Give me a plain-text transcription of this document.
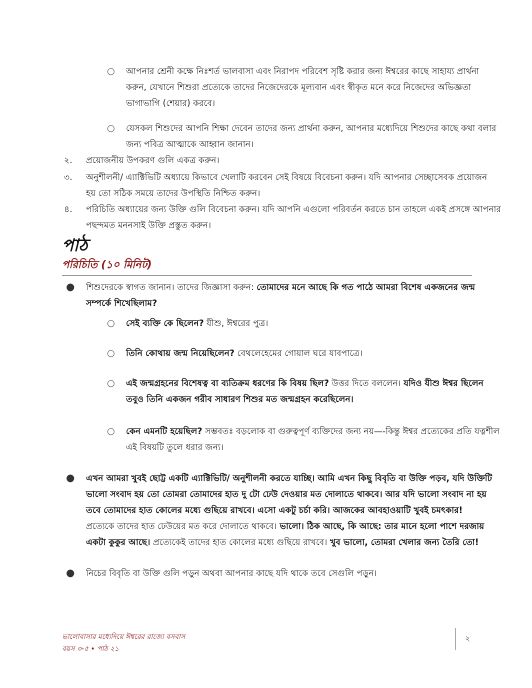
○ আপনার শ্রেনী কক্ষে নিঃশর্ত ভালবাসা এবং নিরাপদ পরিবেশ সৃষ্টি করার জন্য ঈশ্বরের কাছে সাহায্য প্রার্থনা
করুন, যেখানে শিশুরা প্রত্যেকে তাদের নিজেদেরকে মূল্যবান এবং স্বীকৃত মনে করে নিজেদের অভিজ্ঞতা
ভাগাভাগি (শেয়ার) করবে।
○ যেসকল শিশুদের আপনি শিক্ষা দেবেন তাদের জন্য প্রার্থনা করুন, আপনার মধ্যেদিয়ে শিশুদের কাছে কথা বলার
জন্য পবিত্র আত্মাকে আহ্বান জানান।
২. প্রয়োজনীয় উপকরণ গুলি একত্র করুন।
৩. অনুশীলনী/ এ্যাক্টিভিটি অধ্যায়ে কিভাবে খেলাটি করবেন সেই বিষয়ে বিবেচনা করুন। যদি আপনার সেচ্ছাসেবক প্রয়োজন
হয় তো সঠিক সময়ে তাদের উপস্থিতি নিশ্চিত করুন।
৪. পরিচিতি অধ্যায়ের জন্য উক্তি গুলি বিবেচনা করুন। যদি আপনি এগুলো পরিবর্তন করতে চান তাহলে একই প্রসঙ্গে আপনার
পছন্দমত মননসাই উক্তি প্রস্তুত করুন।
পাঠ
পরিচিতি (১০ মিনিট)
● শিশুদেরকে স্বাগত জানান। তাদের জিজ্ঞাসা করুন: তোমাদের মনে আছে কি গত পাঠে আমরা বিশেষ একজনের জন্ম
সম্পর্কে শিখেছিলাম?
○ সেই ব্যক্তি কে ছিলেন? যীশু, ঈশ্বরের পুত্র।
○ তিনি কোথায় জন্ম নিয়েছিলেন? বেথলেহেমের গোয়াল ঘরে যাবপাত্রে।
○ এই জন্মগ্রহনের বিশেষত্ব বা ব্যতিক্রম ধরণের কি বিষয় ছিল? উত্তর দিতে বললেন। যদিও যীশু ঈশ্বর ছিলেন
তবুও তিনি একজন গরীব সাধারণ শিশুর মত জন্মগ্রহন করেছিলেন।
○ কেন এমনটি হয়েছিল? সম্ভবতঃ বড়লোক বা গুরুত্বপূর্ণ ব্যক্তিদের জন্য নয়—-কিন্তু ঈশ্বর প্রত্যেকের প্রতি যত্নশীল
এই বিষয়টি তুলে ধরার জন্য।
● এখন আমরা খুবই ছোট্ট একটি এ্যাক্টিভিটি/ অনুশীলনী করতে যাচ্ছি। আমি এখন কিছু বিবৃতি বা উক্তি পড়ব, যদি উক্তিটি
ভালো সংবাদ হয় তো তোমরা তোমাদের হাত দু টো ঢেউ দেওয়ার মত দোলাতে থাকবে। আর যদি ভালো সংবাদ না হয়
তবে তোমাদের হাত কোলের মধ্যে গুছিয়ে রাখবে। এসো একটু চর্চা করি। আজকের আবহাওয়াটি খুবই চমৎকার!
প্রত্যেকে তাদের হাত ঢেউয়ের মত করে দোলাতে থাকবে। ভালো। ঠিক আছে, কি আছে: তার মানে হলো পাশে দরজায়
একটা কুকুর আছে। প্রত্যেকেই তাদের হাত কোলের মধ্যে গুছিয়ে রাখবে। খুব ভালো, তোমরা খেলার জন্য তৈরি তো!
● নিচের বিবৃতি বা উক্তি গুলি পড়ুন অথবা আপনার কাছে যদি থাকে তবে সেগুলি পড়ুন।
ভালোবাসার মধ্যেদিয়ে ঈশ্বরের রাজ্যে বসবাস
বয়স ৩-৫ • পাঠ ২১
২
